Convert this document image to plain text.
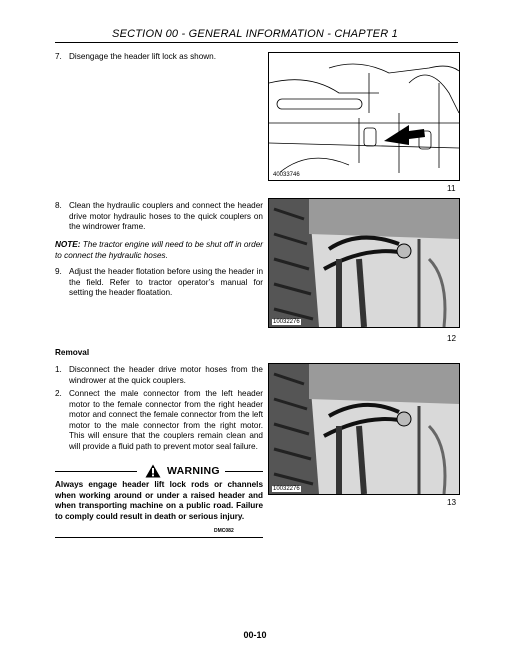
SECTION 00 - GENERAL INFORMATION - CHAPTER 1
7. Disengage the header lift lock as shown.
8. Clean the hydraulic couplers and connect the header drive motor hydraulic hoses to the quick couplers on the windrower frame.
NOTE: The tractor engine will need to be shut off in order to connect the hydraulic hoses.
9. Adjust the header flotation before using the header in the field. Refer to tractor operator’s manual for setting the header floatation.
Removal
1. Disconnect the header drive motor hoses from the windrower at the quick couplers.
2. Connect the male connector from the left header motor to the female connector from the right header motor and connect the female connector from the left motor to the male connector from the right motor. This will ensure that the couplers remain clean and will provide a fluid path to prevent motor seal failure.
WARNING
Always engage header lift lock rods or channels when working around or under a raised header and when transporting machine on a public road. Failure to comply could result in death or serious injury.
DMC082
40033746
11
10032276
12
10032276
13
00-10
